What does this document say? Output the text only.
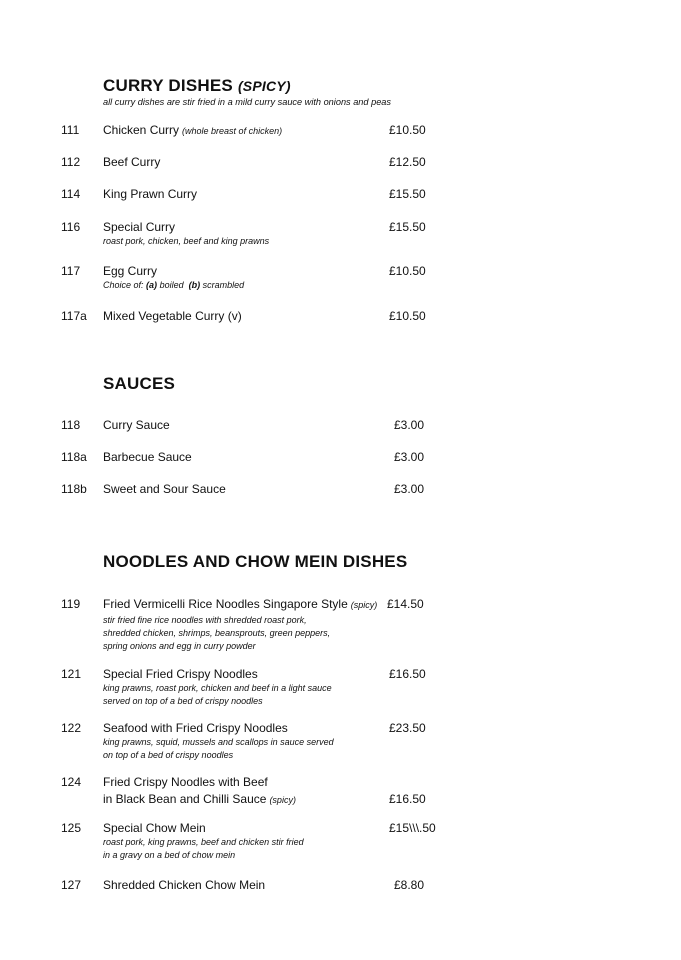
CURRY DISHES (SPICY)

all curry dishes are stir fried in a mild curry sauce with onions and peas

111 Chicken Curry (whole breast of chicken)	£10.50
112 Beef Curry	£12.50
114 King Prawn Curry	£15.50
116 Special Curry	£15.50

roast pork, chicken, beef and king prawns

117 Egg Curry	£10.50

Choice of: (a) boiled (b) scrambled

117a Mixed Vegetable Curry (v)	£10.50
SAUCES
118 Curry Sauce	£3.00
118a Barbecue Sauce	£3.00
118b Sweet and Sour Sauce	£3.00
NOODLES AND CHOW MEIN DISHES
119 Fried Vermicelli Rice Noodles Singapore Style (spicy) £14.50

stir fried fine rice noodles with shredded roast pork,
shredded chicken, shrimps, beansprouts, green peppers,
spring onions and egg in curry powder

121 Special Fried Crispy Noodles	£16.50

king prawns, roast pork, chicken and beef in a light sauce
served on top of a bed of crispy noodles

122 Seafood with Fried Crispy Noodles	£23.50

king prawns, squid, mussels and scallops in sauce served
on top of a bed of crispy noodles

124 Fried Crispy Noodles with Beef
in Black Bean and Chilli Sauce (spicy)	£16.50
125 Special Chow Mein	£15\\\.50

roast pork, king prawns, beef and chicken stir fried
in a gravy on a bed of chow mein

127 Shredded Chicken Chow Mein	£8.80
